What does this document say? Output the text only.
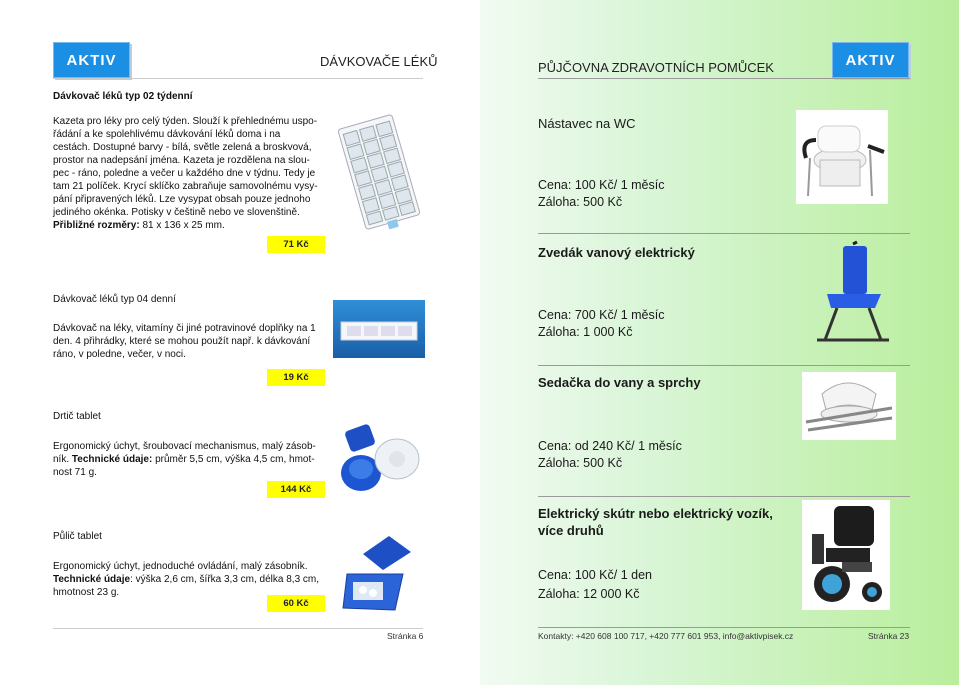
AKTIV	DÁVKOVAČE LÉKŮ
Dávkovač léků typ 02 týdenní
Kazeta pro léky pro celý týden. Slouží k přehlednému uspo-
řádání a ke spolehlivému dávkování léků doma i na
cestách. Dostupné barvy - bílá, světle zelená a broskvová,
prostor na nadepsání jména. Kazeta je rozdělena na slou-
pec - ráno, poledne a večer u každého dne v týdnu. Tedy je
tam 21 políček. Krycí sklíčko zabraňuje samovolnému vysy-
pání připravených léků. Lze vysypat obsah pouze jednoho
jediného okénka. Potisky v češtině nebo ve slovenštině.
Přibližné rozměry: 81 x 136 x 25 mm.
71 Kč
Dávkovač léků typ 04 denní
Dávkovač na léky, vitamíny či jiné potravinové doplňky na 1
den. 4 přihrádky, které se mohou použít např. k dávkování
ráno, v poledne, večer, v noci.
19 Kč
Drtič tablet
Ergonomický úchyt, šroubovací mechanismus, malý zásob-
ník. Technické údaje: průměr 5,5 cm, výška 4,5 cm, hmot-
nost 71 g.
144 Kč
Půlič tablet
Ergonomický úchyt, jednoduché ovládání, malý zásobník.
Technické údaje: výška 2,6 cm, šířka 3,3 cm, délka 8,3 cm,
hmotnost 23 g.
60 Kč
Stránka 6
PŮJČOVNA ZDRAVOTNÍCH POMŮCEK	AKTIV
Nástavec na WC
Cena: 100 Kč/ 1 měsíc
Záloha: 500 Kč
Zvedák vanový elektrický
Cena: 700 Kč/ 1 měsíc
Záloha: 1 000 Kč
Sedačka do vany a sprchy
Cena: od 240 Kč/ 1 měsíc
Záloha: 500 Kč
Elektrický skútr nebo elektrický vozík,
více druhů
Cena: 100 Kč/ 1 den
Záloha: 12 000 Kč
Kontakty: +420 608 100 717, +420 777 601 953, info@aktivpisek.cz	Stránka 23
